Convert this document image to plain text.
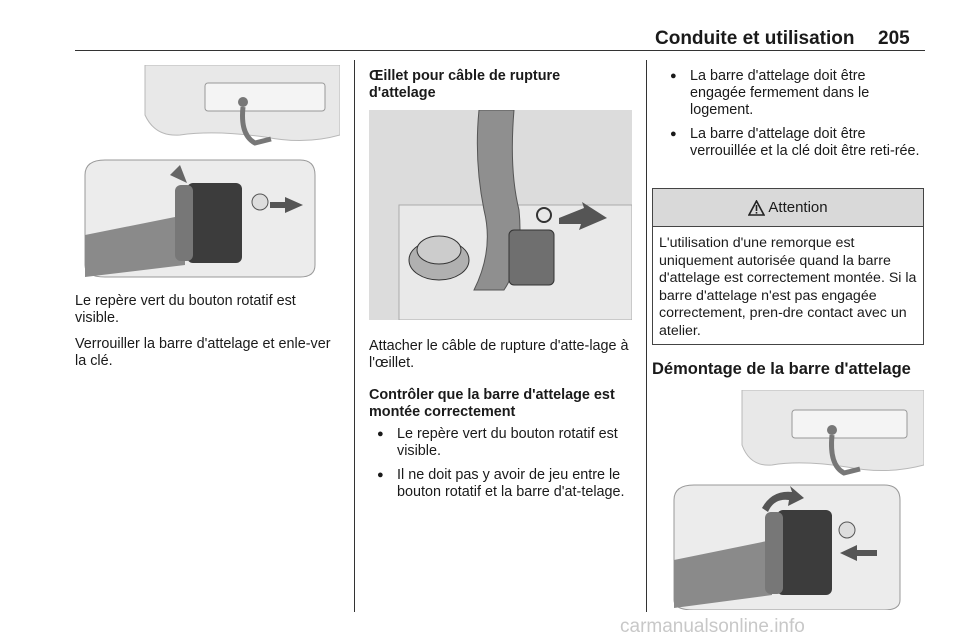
Conduite et utilisation 205
Le repère vert du bouton rotatif est visible.
Verrouiller la barre d'attelage et enle-ver la clé.
Œillet pour câble de rupture d'attelage
Attacher le câble de rupture d'atte-lage à l'œillet.
Contrôler que la barre d'attelage est montée correctement
● Le repère vert du bouton rotatif est visible.
● Il ne doit pas y avoir de jeu entre le bouton rotatif et la barre d'at-telage.
● La barre d'attelage doit être engagée fermement dans le logement.
● La barre d'attelage doit être verrouillée et la clé doit être reti-rée.
Attention
L'utilisation d'une remorque est uniquement autorisée quand la barre d'attelage est correctement montée. Si la barre d'attelage n'est pas engagée correctement, pren-dre contact avec un atelier.
Démontage de la barre d'attelage
carmanualsonline.info
